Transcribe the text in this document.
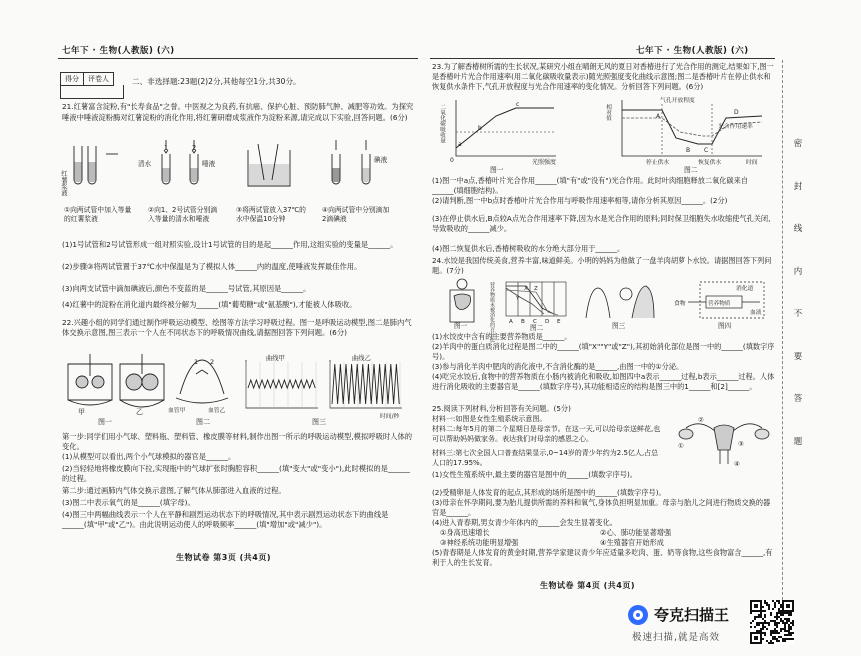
七年下 · 生物(人教版) (六)	七年下 · 生物(人教版) (六)
得分	评卷人	二、非选择题:23题(2)2分,其他每空1分,共30分。
21.红薯富含淀粉,有"长寿食品"之誉。中医视之为良药,有抗癌、保护心脏、预防肺气肿、减肥等功效。为探究唾液中唾液淀粉酶对红薯淀粉的消化作用,将红薯研磨成浆液作为淀粉来源,请完成以下实验,回答问题。(6分)
红薯浆液
清水	唾液
1	2
碘液
①向两试管中加入等量的红薯浆液
②向1、2号试管分别滴入等量的清水和唾液
③将两试管放入37℃的水中保温10分钟
④向两试管中分别滴加2滴碘液
(1)1号试管和2号试管形成一组对照实验,设计1号试管的目的是起______作用,这组实验的变量是______。
(2)步骤③将两试管置于37℃水中保温是为了模拟人体______内的温度,使唾液发挥最佳作用。
(3)向两支试管中滴加碘液后,颜色不变蓝的是______号试管,其原因是______。
(4)红薯中的淀粉在消化道内最终被分解为______(填"葡萄糖"或"氨基酸"),才能被人体吸收。
22.兴趣小组的同学们通过制作呼吸运动模型、绘图等方法学习呼吸过程。图一是呼吸运动模型,图二是肺内气体交换示意图,图三表示一个人在不同状态下的呼吸情况曲线,请据图回答下列问题。(6分)
甲	乙
图一
1 2
血管甲	血管乙
图二
曲线甲	曲线乙
时间/秒
图三
第一步:同学们用小气球、塑料瓶、塑料管、橡皮膜等材料,制作出图一所示的呼吸运动模型,模拟呼吸时人体的变化。
(1)从模型可以看出,两个小气球模拟的器官是______。
(2)当轻轻地将橡皮膜向下拉,实现瓶中的气球扩张时胸腔容积______(填"变大"或"变小"),此时模拟的是______的过程。
第二步:通过画肺内气体交换示意图,了解气体从肺部进入血液的过程。
(3)图二中表示氧气的是______(填字母)。
(4)图三中两幅曲线表示一个人在平静和剧烈运动状态下的呼吸情况,其中表示剧烈运动状态下的曲线是______(填"甲"或"乙")。由此说明运动使人的呼吸频率______(填"增加"或"减少")。
生物试卷 第3页 (共4页)
23.为了解香椿树所需的生长状况,某研究小组在晴朗无风的夏日对香椿进行了光合作用的测定,结果如下,图一是香椿叶片光合作用速率(用二氧化碳吸收量表示)随光照强度变化曲线示意图;图二是香椿叶片在停止供水和恢复供水条件下,气孔开放程度与光合作用速率的变化情况。分析回答下列问题。(6分)
二氧化碳吸收量
光照强度
0
a
b
c	相对值
气孔开放程度
光合作用速率
停止供水	恢复供水	时间
A
B C
D
图一	图二
(1)图一中a点,香椿叶片光合作用______(填"有"或"没有")光合作用。此时叶肉细胞释放二氧化碳来自______(填细胞结构)。
(2)请判断,图一中b点时香椿叶片光合作用与呼吸作用速率相等,请你分析其原因______。(2分)
(3)在停止供水后,B点较A点光合作用速率下降,因为水是光合作用的原料;同时保卫细胞失水收缩使气孔关闭,导致吸收的______减少。
(4)图二恢复供水后,香椿树吸收的水分绝大部分用于______。
24.水饺是我国传统美食,营养丰富,味道鲜美。小明的妈妈为他做了一盘羊肉胡萝卜水饺。请据图回答下列问题。(7分)
图一	营养物质未被消化的百分比	X
Y
Z
A B C D E
图二	图三
食物	营养物质
血液
消化道
图四
(1)水饺皮中含有的主要营养物质是______。
(2)羊肉中的蛋白质消化过程是图二中的______(填"X""Y"或"Z"),其初始消化部位是图一中的______(填数字序号)。
(3)参与消化羊肉中肥肉的消化液中,不含消化酶的是______,由图一中的①分泌。
(4)吃完水饺后,食物中的营养物质在小肠内被消化和吸收,如图四中a表示______过程,b表示______过程。人体进行消化吸收的主要器官是______(填数字序号),其功能相适应的结构是图三中的1______和[2]______。
25.阅读下列材料,分析回答有关问题。(5分)
材料一:如图是女性生殖系统示意图。
材料二:每年5月的第二个星期日是母亲节。在这一天,可以给母亲送鲜花,也可以帮助妈妈做家务。表达我们对母亲的感恩之心。
材料三:第七次全国人口普查结果显示,0~14岁的青少年约为2.5亿人,占总人口的17.95%。
①
②
③
④
(1)女性生殖系统中,最主要的器官是图中的______(填数字序号)。
(2)受精卵是人体发育的起点,其形成的场所是图中的______(填数字序号)。
(3)母亲在怀孕期间,要为胎儿提供所需的养料和氧气,身体负担明显加重。母亲与胎儿之间进行物质交换的器官是______。
(4)进入青春期,男女青少年体内的______会发生显著变化。
①身高迅速增长	②心、肺功能显著增强
③神经系统功能明显增强	④生殖器官开始形成
(5)青春期是人体发育的黄金时期,营养学家建议青少年应适量多吃肉、蛋、奶等食物,这些食物富含______,有利于人的生长发育。
生物试卷 第4页 (共4页)
密
封
线
内
不
要
答
题
夸克扫描王
极速扫描,就是高效
